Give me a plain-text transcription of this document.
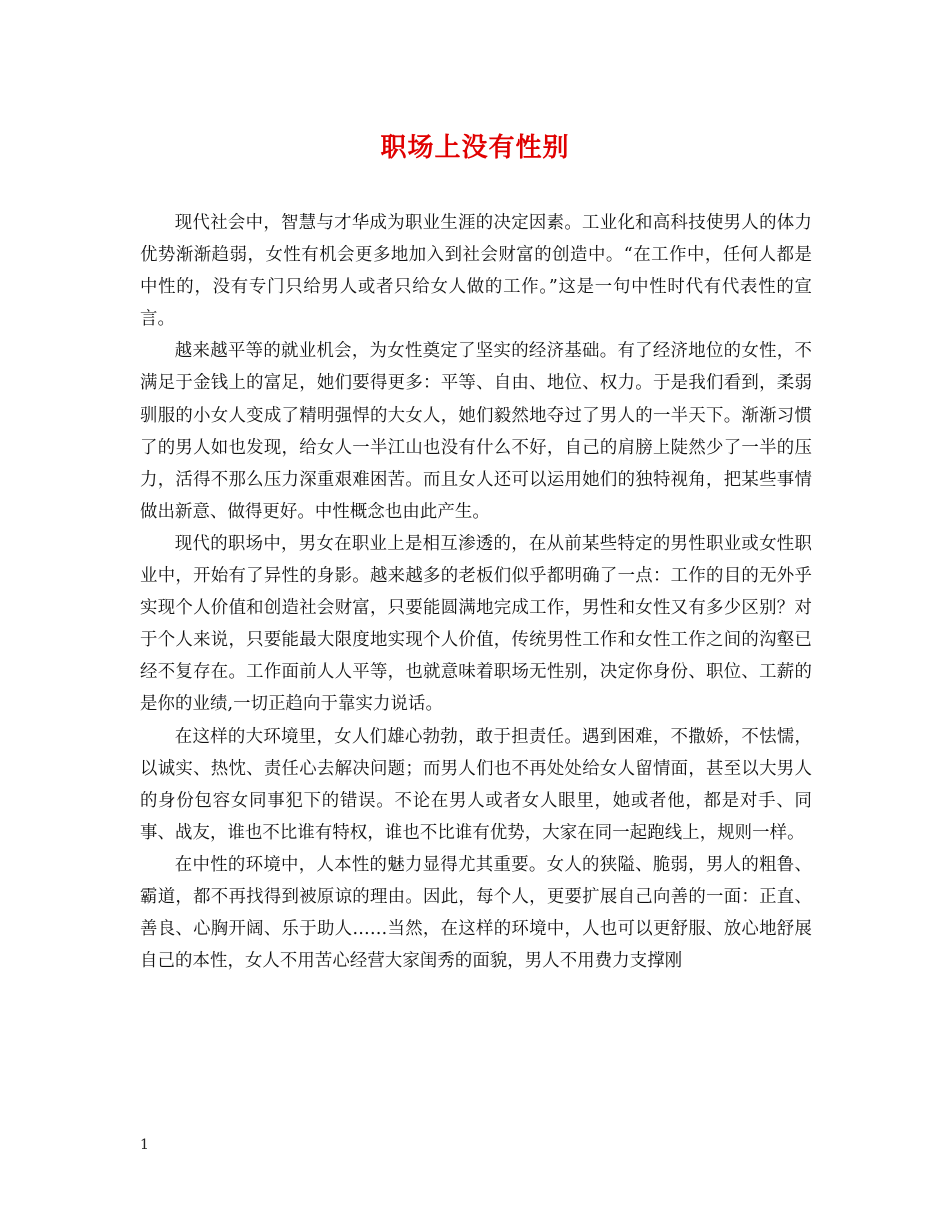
职场上没有性别

现代社会中，智慧与才华成为职业生涯的决定因素。工业化和高科技使男人的体力优势渐渐趋弱，女性有机会更多地加入到社会财富的创造中。“在工作中，任何人都是中性的，没有专门只给男人或者只给女人做的工作。”这是一句中性时代有代表性的宣言。

越来越平等的就业机会，为女性奠定了坚实的经济基础。有了经济地位的女性，不满足于金钱上的富足，她们要得更多：平等、自由、地位、权力。于是我们看到，柔弱驯服的小女人变成了精明强悍的大女人，她们毅然地夺过了男人的一半天下。渐渐习惯了的男人如也发现，给女人一半江山也没有什么不好，自己的肩膀上陡然少了一半的压力，活得不那么压力深重艰难困苦。而且女人还可以运用她们的独特视角，把某些事情做出新意、做得更好。中性概念也由此产生。

现代的职场中，男女在职业上是相互渗透的，在从前某些特定的男性职业或女性职业中，开始有了异性的身影。越来越多的老板们似乎都明确了一点：工作的目的无外乎实现个人价值和创造社会财富，只要能圆满地完成工作，男性和女性又有多少区别？对于个人来说，只要能最大限度地实现个人价值，传统男性工作和女性工作之间的沟壑已经不复存在。工作面前人人平等，也就意味着职场无性别，决定你身份、职位、工薪的是你的业绩,一切正趋向于靠实力说话。

在这样的大环境里，女人们雄心勃勃，敢于担责任。遇到困难，不撒娇，不怯懦，以诚实、热忱、责任心去解决问题；而男人们也不再处处给女人留情面，甚至以大男人的身份包容女同事犯下的错误。不论在男人或者女人眼里，她或者他，都是对手、同事、战友，谁也不比谁有特权，谁也不比谁有优势，大家在同一起跑线上，规则一样。

在中性的环境中，人本性的魅力显得尤其重要。女人的狭隘、脆弱，男人的粗鲁、霸道，都不再找得到被原谅的理由。因此，每个人，更要扩展自己向善的一面：正直、善良、心胸开阔、乐于助人……当然，在这样的环境中，人也可以更舒服、放心地舒展自己的本性，女人不用苦心经营大家闺秀的面貌，男人不用费力支撑刚

1
